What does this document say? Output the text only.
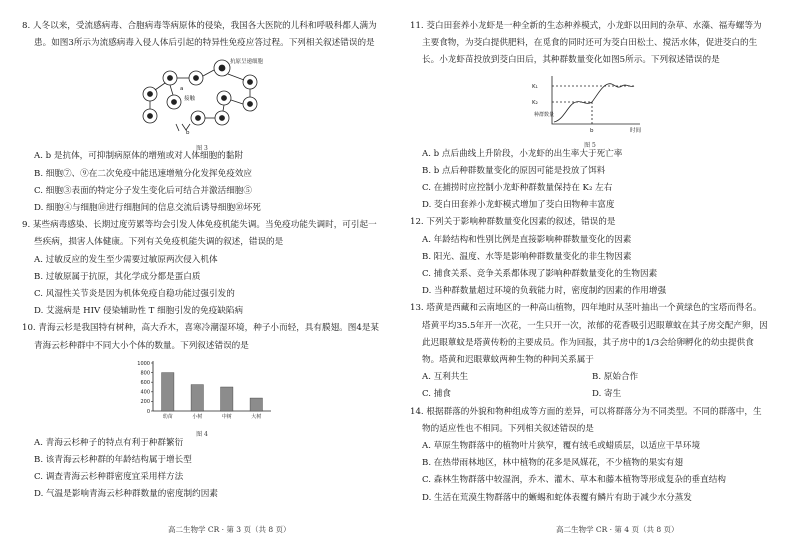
8. 人冬以来，受流感病毒、合胞病毒等病原体的侵染，我国各大医院的儿科和呼吸科都人满为患。如图3所示为流感病毒入侵人体后引起的特异性免疫应答过程。下列相关叙述错误的是

抗原呈递细胞
a
b
接触
图 3

A. b 是抗体，可抑制病原体的增殖或对人体细胞的黏附

B. 细胞⑦、⑨在二次免疫中能迅速增殖分化发挥免疫效应

C. 细胞③表面的特定分子发生变化后可结合并激活细胞⑤

D. 细胞④与细胞⑩进行细胞间的信息交流后诱导细胞⑩坏死

9. 某些病毒感染、长期过度劳累等均会引发人体免疫机能失调。当免疫功能失调时，可引起一些疾病，损害人体健康。下列有关免疫机能失调的叙述，错误的是

A. 过敏反应的发生至少需要过敏原两次侵入机体

B. 过敏原属于抗原，其化学成分都是蛋白质

C. 风湿性关节炎是因为机体免疫自稳功能过强引发的

D. 艾滋病是 HIV 侵染辅助性 T 细胞引发的免疫缺陷病

10. 青海云杉是我国特有树种，高大乔木，喜寒冷潮湿环境，种子小而轻，具有膜翅。图4是某青海云杉种群中不同大小个体的数量。下列叙述错误的是

0
200
400
600
800
1000
幼苗	小树	中树	大树
图 4

A. 青海云杉种子的特点有利于种群繁衍

B. 该青海云杉种群的年龄结构属于增长型

C. 调查青海云杉种群密度宜采用样方法

D. 气温是影响青海云杉种群数量的密度制约因素

11. 茭白田套养小龙虾是一种全新的生态种养模式，小龙虾以田间的杂草、水藻、福寿螺等为主要食物，为茭白提供肥料，在觅食的同时还可为茭白田松土、搅活水体，促进茭白的生长。小龙虾苗投放到茭白田后，其种群数量变化如图5所示。下列叙述错误的是

K₁
K₂
种群数量
b	时间
图 5

A. b 点后曲线上升阶段，小龙虾的出生率大于死亡率

B. b 点后种群数量变化的原因可能是投放了饵料

C. 在捕捞时应控制小龙虾种群数量保持在 K₂ 左右

D. 茭白田套养小龙虾模式增加了茭白田物种丰富度

12. 下列关于影响种群数量变化因素的叙述，错误的是

A. 年龄结构和性别比例是直接影响种群数量变化的因素

B. 阳光、温度、水等是影响种群数量变化的非生物因素

C. 捕食关系、竞争关系都体现了影响种群数量变化的生物因素

D. 当种群数量超过环境的负载能力时，密度制约因素的作用增强

13. 塔黄是西藏和云南地区的一种高山植物，四年地时从茎叶抽出一个黄绿色的宝塔而得名。塔黄平均35.5年开一次花，一生只开一次，浓郁的花香吸引迟眼蕈蚊在其子房交配产卵，因此迟眼蕈蚊是塔黄传粉的主要成员。作为回报，其子房中的1/3会给卵孵化的幼虫提供食物。塔黄和迟眼蕈蚊两种生物的种间关系属于

A. 互利共生	B. 原始合作

C. 捕食	D. 寄生

14. 根据群落的外貌和物种组成等方面的差异，可以将群落分为不同类型。不同的群落中，生物的适应性也不相同。下列相关叙述错误的是

A. 草原生物群落中的植物叶片狭窄，覆有绒毛或蜡质层，以适应干旱环境

B. 在热带雨林地区，林中植物的花多是风媒花，不少植物的果实有翅

C. 森林生物群落中较湿润，乔木、灌木、草本和藤本植物等形成复杂的垂直结构

D. 生活在荒漠生物群落中的蜥蜴和蛇体表覆有鳞片有助于减少水分蒸发

高二生物学 CR · 第 3 页（共 8 页）	高二生物学 CR · 第 4 页（共 8 页）
